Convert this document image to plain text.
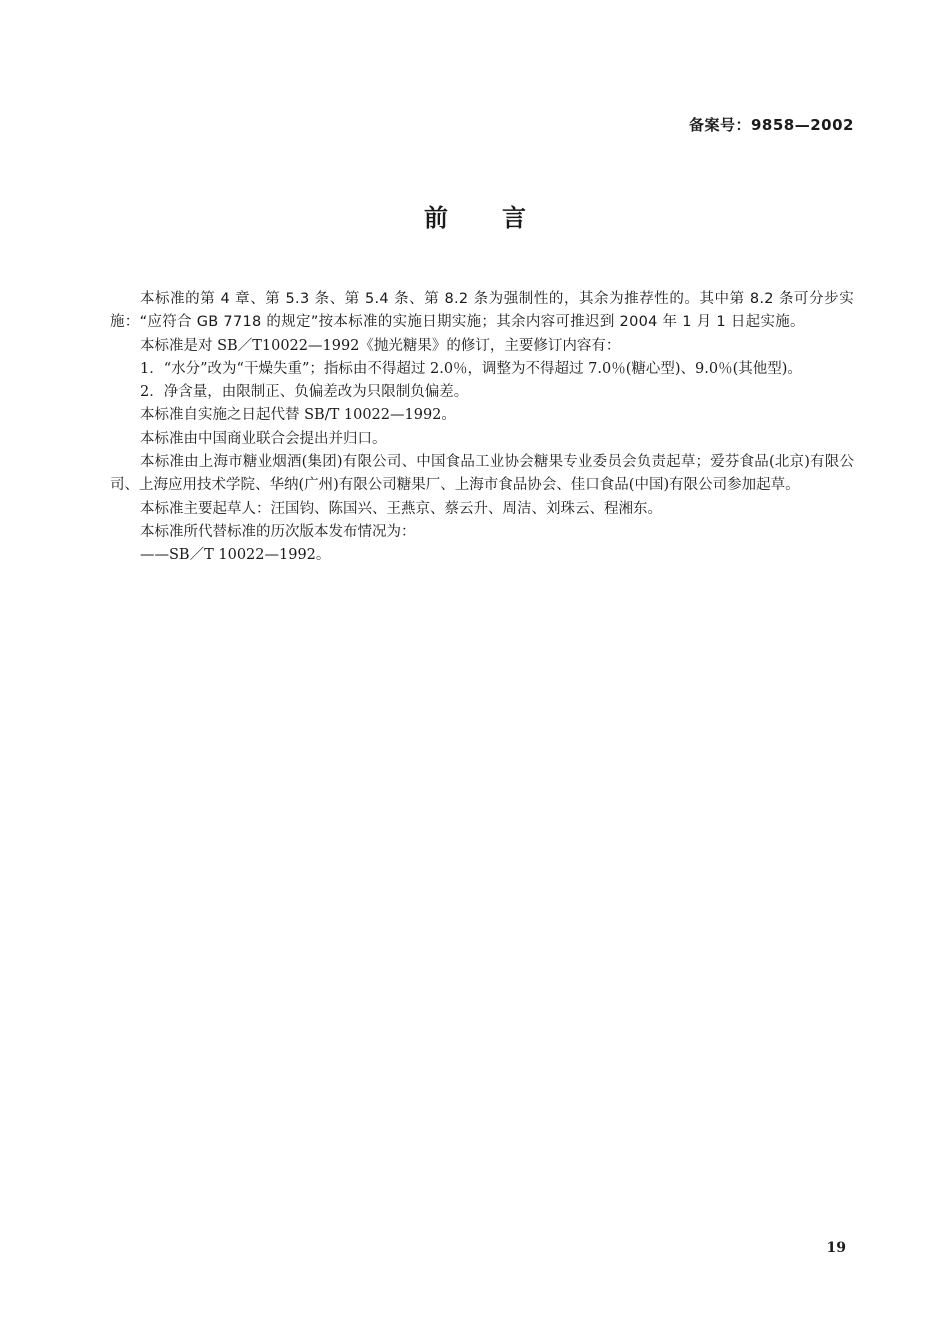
备案号：9858—2002
前言

本标准的第 4 章、第 5.3 条、第 5.4 条、第 8.2 条为强制性的，其余为推荐性的。其中第 8.2 条可分步实施：“应符合 GB 7718 的规定”按本标准的实施日期实施；其余内容可推迟到 2004 年 1 月 1 日起实施。

本标准是对 SB／T10022—1992《抛光糖果》的修订，主要修订内容有：

1．“水分”改为“干燥失重”；指标由不得超过 2.0％，调整为不得超过 7.0％(糖心型)、9.0％(其他型)。

2．净含量，由限制正、负偏差改为只限制负偏差。

本标准自实施之日起代替 SB/T 10022—1992。

本标准由中国商业联合会提出并归口。

本标准由上海市糖业烟酒(集团)有限公司、中国食品工业协会糖果专业委员会负责起草；爱芬食品(北京)有限公司、上海应用技术学院、华纳(广州)有限公司糖果厂、上海市食品协会、佳口食品(中国)有限公司参加起草。

本标准主要起草人：汪国钧、陈国兴、王燕京、蔡云升、周洁、刘珠云、程湘东。

本标准所代替标准的历次版本发布情况为：

——SB／T 10022—1992。

19
